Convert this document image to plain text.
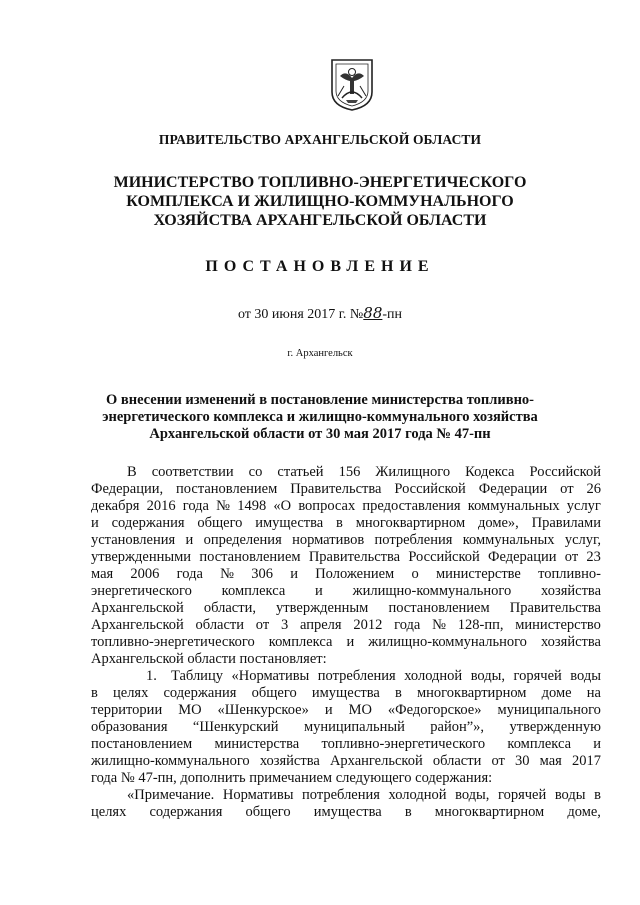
ПРАВИТЕЛЬСТВО АРХАНГЕЛЬСКОЙ ОБЛАСТИ
МИНИСТЕРСТВО ТОПЛИВНО-ЭНЕРГЕТИЧЕСКОГО
КОМПЛЕКСА И ЖИЛИЩНО-КОММУНАЛЬНОГО
ХОЗЯЙСТВА АРХАНГЕЛЬСКОЙ ОБЛАСТИ
ПОСТАНОВЛЕНИЕ
от 30 июня 2017 г. №88-пн
г. Архангельск
О внесении изменений в постановление министерства топливно-
энергетического комплекса и жилищно-коммунального хозяйства
Архангельской области от 30 мая 2017 года № 47-пн
В соответствии со статьей 156 Жилищного Кодекса Российской
Федерации, постановлением Правительства Российской Федерации от 26
декабря 2016 года № 1498 «О вопросах предоставления коммунальных услуг
и содержания общего имущества в многоквартирном доме», Правилами
установления и определения нормативов потребления коммунальных услуг,
утвержденными постановлением Правительства Российской Федерации от 23
мая 2006 года № 306 и Положением о министерстве топливно-
энергетического комплекса и жилищно-коммунального хозяйства
Архангельской области, утвержденным постановлением Правительства
Архангельской области от 3 апреля 2012 года № 128-пп, министерство
топливно-энергетического комплекса и жилищно-коммунального хозяйства
Архангельской области постановляет:
1. Таблицу «Нормативы потребления холодной воды, горячей воды
в целях содержания общего имущества в многоквартирном доме на
территории МО «Шенкурское» и МО «Федогорское» муниципального
образования “Шенкурский муниципальный район”», утвержденную
постановлением министерства топливно-энергетического комплекса и
жилищно-коммунального хозяйства Архангельской области от 30 мая 2017
года № 47-пн, дополнить примечанием следующего содержания:
«Примечание. Нормативы потребления холодной воды, горячей воды в
целях содержания общего имущества в многоквартирном доме,
